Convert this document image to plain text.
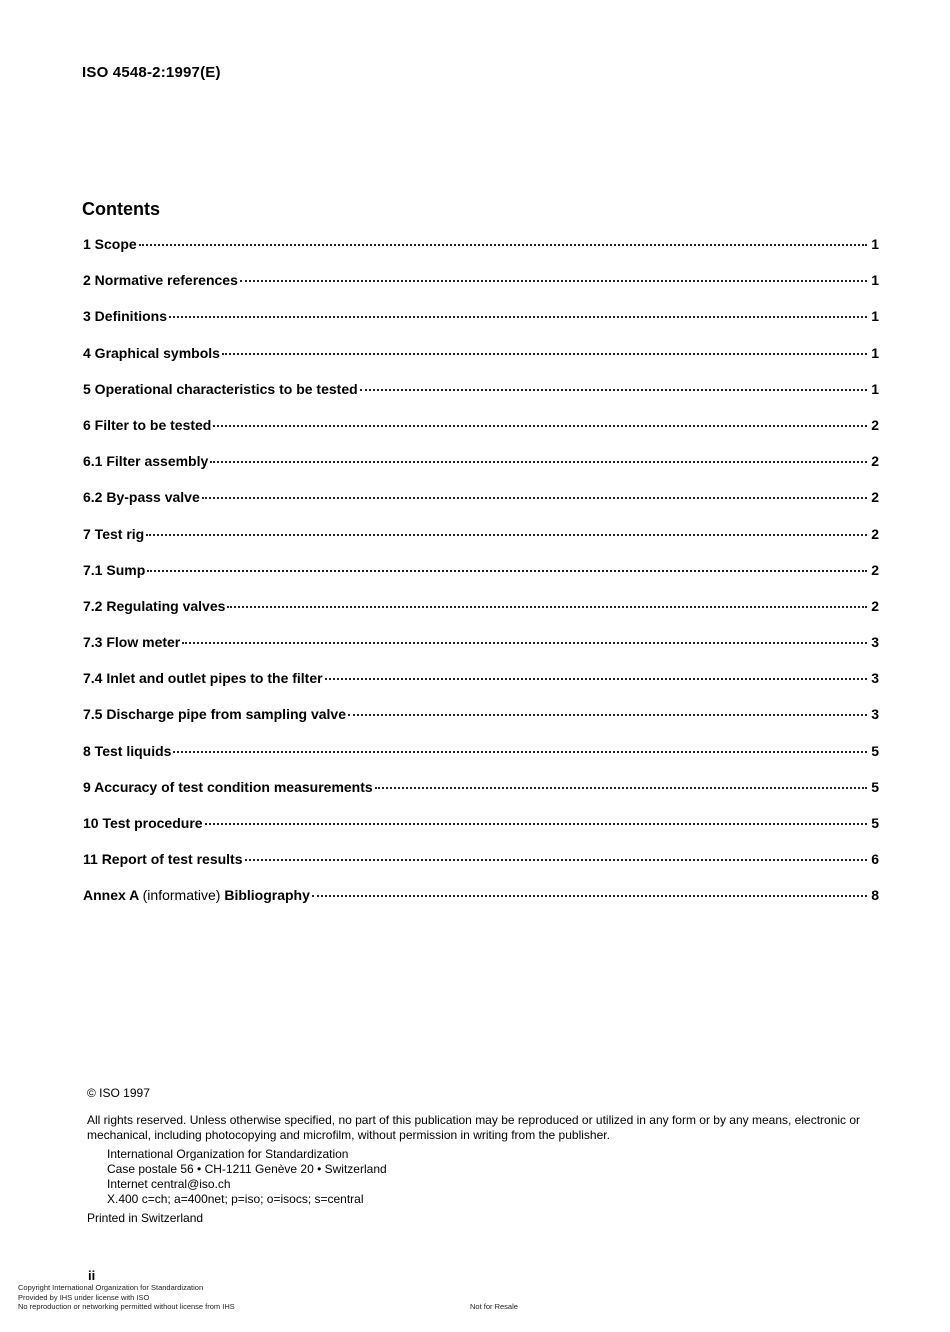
ISO 4548-2:1997(E)
Contents
1 Scope	1
2 Normative references	1
3 Definitions	1
4 Graphical symbols	1
5 Operational characteristics to be tested	1
6 Filter to be tested	2
6.1 Filter assembly	2
6.2 By-pass valve	2
7 Test rig	2
7.1 Sump	2
7.2 Regulating valves	2
7.3 Flow meter	3
7.4 Inlet and outlet pipes to the filter	3
7.5 Discharge pipe from sampling valve	3
8 Test liquids	5
9 Accuracy of test condition measurements	5
10 Test procedure	5
11 Report of test results	6
Annex A (informative) Bibliography	8
© ISO 1997
All rights reserved. Unless otherwise specified, no part of this publication may be reproduced or utilized in any form or by any means, electronic or mechanical, including photocopying and microfilm, without permission in writing from the publisher.
International Organization for Standardization
Case postale 56 • CH-1211 Genève 20 • Switzerland
Internet central@iso.ch
X.400 c=ch; a=400net; p=iso; o=isocs; s=central
Printed in Switzerland
ii
Copyright International Organization for Standardization
Provided by IHS under license with ISO
No reproduction or networking permitted without license from IHS	Not for Resale
